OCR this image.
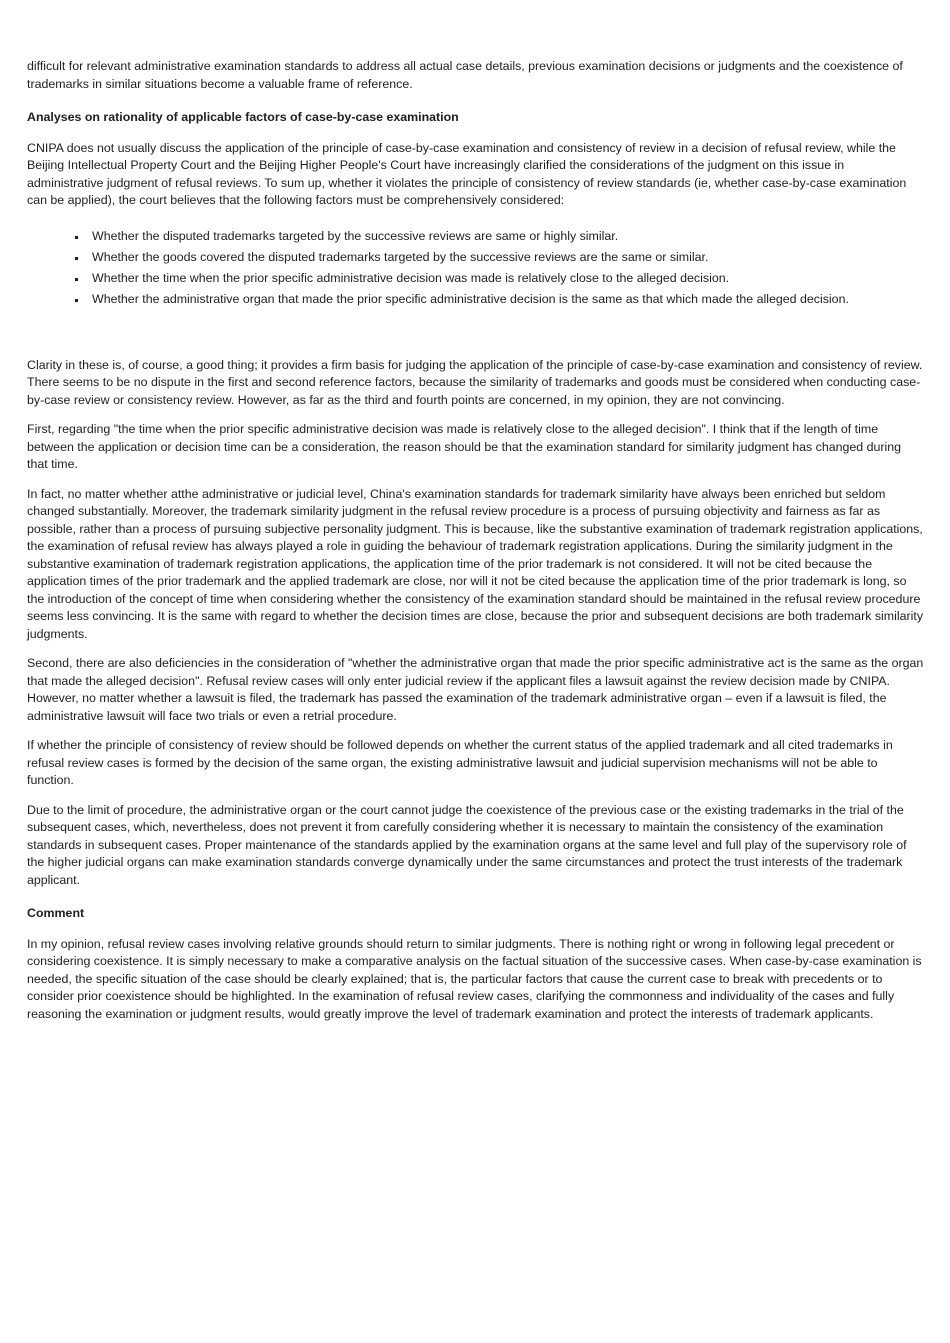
difficult for relevant administrative examination standards to address all actual case details, previous examination decisions or judgments and the coexistence of trademarks in similar situations become a valuable frame of reference.

Analyses on rationality of applicable factors of case-by-case examination

CNIPA does not usually discuss the application of the principle of case-by-case examination and consistency of review in a decision of refusal review, while the Beijing Intellectual Property Court and the Beijing Higher People's Court have increasingly clarified the considerations of the judgment on this issue in administrative judgment of refusal reviews. To sum up, whether it violates the principle of consistency of review standards (ie, whether case-by-case examination can be applied), the court believes that the following factors must be comprehensively considered:

▪ Whether the disputed trademarks targeted by the successive reviews are same or highly similar.
▪ Whether the goods covered the disputed trademarks targeted by the successive reviews are the same or similar.
▪ Whether the time when the prior specific administrative decision was made is relatively close to the alleged decision.
▪ Whether the administrative organ that made the prior specific administrative decision is the same as that which made the alleged decision.

Clarity in these is, of course, a good thing; it provides a firm basis for judging the application of the principle of case-by-case examination and consistency of review. There seems to be no dispute in the first and second reference factors, because the similarity of trademarks and goods must be considered when conducting case-by-case review or consistency review. However, as far as the third and fourth points are concerned, in my opinion, they are not convincing.

First, regarding "the time when the prior specific administrative decision was made is relatively close to the alleged decision". I think that if the length of time between the application or decision time can be a consideration, the reason should be that the examination standard for similarity judgment has changed during that time.

In fact, no matter whether atthe administrative or judicial level, China's examination standards for trademark similarity have always been enriched but seldom changed substantially. Moreover, the trademark similarity judgment in the refusal review procedure is a process of pursuing objectivity and fairness as far as possible, rather than a process of pursuing subjective personality judgment. This is because, like the substantive examination of trademark registration applications, the examination of refusal review has always played a role in guiding the behaviour of trademark registration applications. During the similarity judgment in the substantive examination of trademark registration applications, the application time of the prior trademark is not considered. It will not be cited because the application times of the prior trademark and the applied trademark are close, nor will it not be cited because the application time of the prior trademark is long, so the introduction of the concept of time when considering whether the consistency of the examination standard should be maintained in the refusal review procedure seems less convincing. It is the same with regard to whether the decision times are close, because the prior and subsequent decisions are both trademark similarity judgments.

Second, there are also deficiencies in the consideration of "whether the administrative organ that made the prior specific administrative act is the same as the organ that made the alleged decision". Refusal review cases will only enter judicial review if the applicant files a lawsuit against the review decision made by CNIPA. However, no matter whether a lawsuit is filed, the trademark has passed the examination of the trademark administrative organ – even if a lawsuit is filed, the administrative lawsuit will face two trials or even a retrial procedure.

If whether the principle of consistency of review should be followed depends on whether the current status of the applied trademark and all cited trademarks in refusal review cases is formed by the decision of the same organ, the existing administrative lawsuit and judicial supervision mechanisms will not be able to function.

Due to the limit of procedure, the administrative organ or the court cannot judge the coexistence of the previous case or the existing trademarks in the trial of the subsequent cases, which, nevertheless, does not prevent it from carefully considering whether it is necessary to maintain the consistency of the examination standards in subsequent cases. Proper maintenance of the standards applied by the examination organs at the same level and full play of the supervisory role of the higher judicial organs can make examination standards converge dynamically under the same circumstances and protect the trust interests of the trademark applicant.

Comment

In my opinion, refusal review cases involving relative grounds should return to similar judgments. There is nothing right or wrong in following legal precedent or considering coexistence. It is simply necessary to make a comparative analysis on the factual situation of the successive cases. When case-by-case examination is needed, the specific situation of the case should be clearly explained; that is, the particular factors that cause the current case to break with precedents or to consider prior coexistence should be highlighted. In the examination of refusal review cases, clarifying the commonness and individuality of the cases and fully reasoning the examination or judgment results, would greatly improve the level of trademark examination and protect the interests of trademark applicants.
